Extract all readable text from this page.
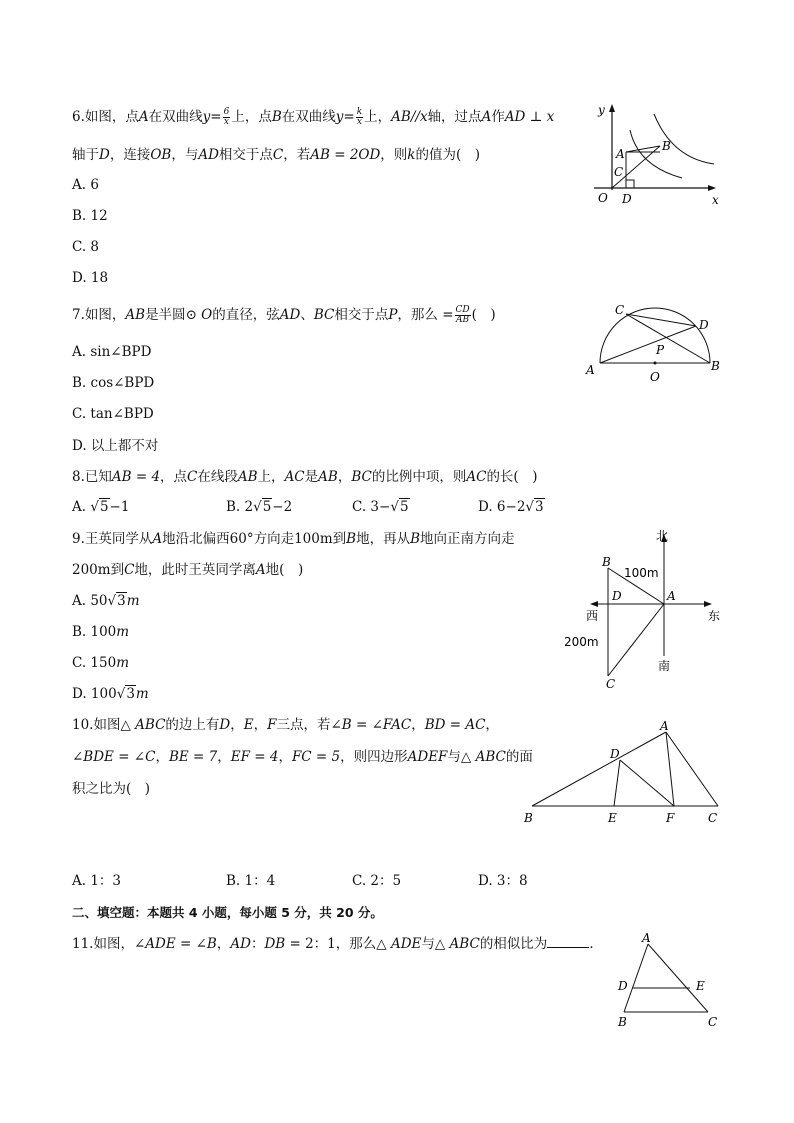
6.如图，点A在双曲线$y= \frac{6}{x}$ 上，点B在双曲线$y= \frac{k}{x}$ 上，AB//x轴，过点A作AD ⊥ x
轴于D，连接OB，与AD相交于点C，若AB = 2OD，则k的值为(　)
A. 6
B. 12
C. 8
D. 18
y
x
O D
A
B
C
7.如图，AB是半圆⊙ O的直径，弦AD、BC相交于点P，那么 = $\frac{CD}{AB}$ (　)
A. sin∠BPD
B. cos∠BPD
C. tan∠BPD
D. 以上都不对
C
D
P
A	O
B
8.已知AB = 4，点C在线段AB上，AC是AB，BC的比例中项，则AC的长(　)
A. √5−1	B. 2√5−2	C. 3−√5	D. 6−2√3
9.王英同学从A地沿北偏西60°方向走100m到B地，再从B地向正南方向走
200m到C地，此时王英同学离A地(　)
A. 50√3m
B. 100m
C. 150m
D. 100√3m
北
B
100m
D	A
西	东
200m
南
C
10.如图△ ABC的边上有D，E，F三点，若∠B = ∠FAC，BD = AC，
∠BDE = ∠C，BE = 7，EF = 4，FC = 5，则四边形ADEF与△ ABC的面
积之比为(　)
A
D
B	E	F	C
A. 1：3	B. 1：4	C. 2：5	D. 3：8
二、填空题：本题共 4 小题，每小题 5 分，共 20 分。
11.如图，∠ADE = ∠B，AD：DB = 2：1，那么△ ADE与△ ABC的相似比为	．	A
D	E
B	C
